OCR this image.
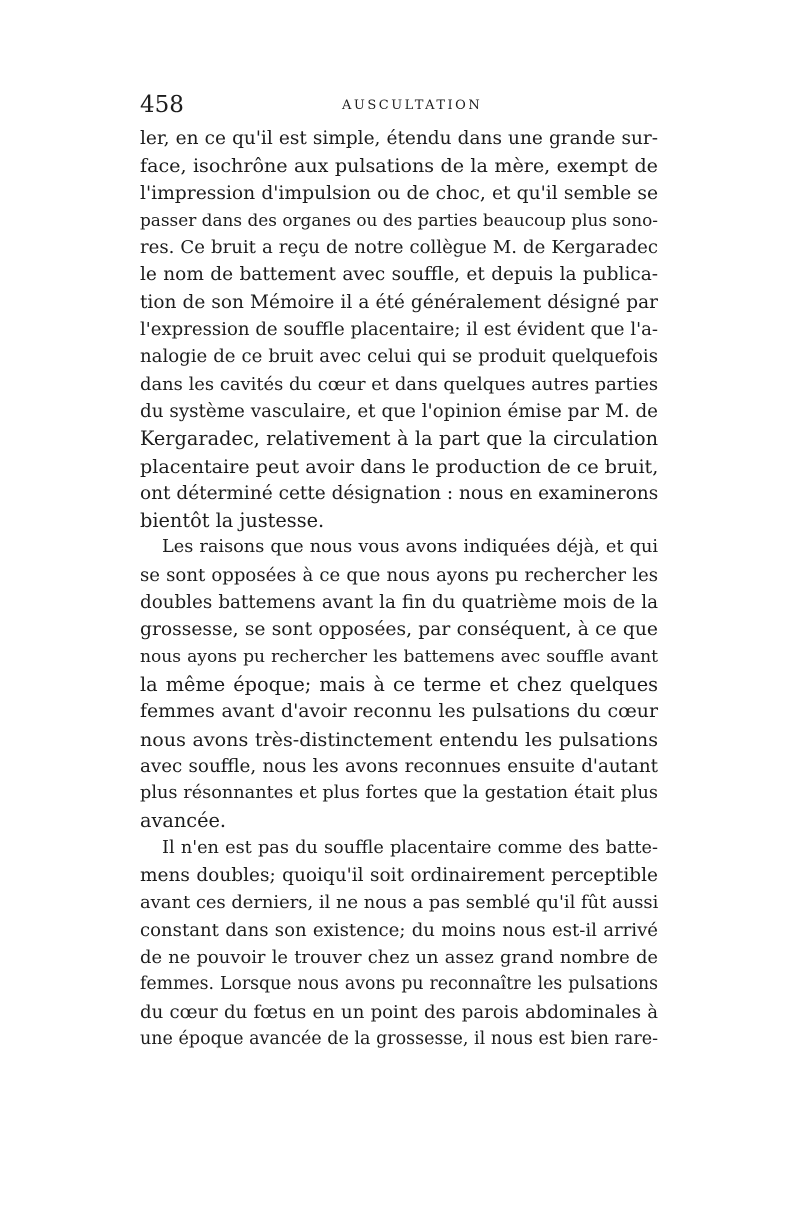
458	AUSCULTATION
ler, en ce qu'il est simple, étendu dans une grande sur-
face, isochrône aux pulsations de la mère, exempt de
l'impression d'impulsion ou de choc, et qu'il semble se
passer dans des organes ou des parties beaucoup plus sono-
res. Ce bruit a reçu de notre collègue M. de Kergaradec
le nom de battement avec souffle, et depuis la publica-
tion de son Mémoire il a été généralement désigné par
l'expression de souffle placentaire; il est évident que l'a-
nalogie de ce bruit avec celui qui se produit quelquefois
dans les cavités du cœur et dans quelques autres parties
du système vasculaire, et que l'opinion émise par M. de
Kergaradec, relativement à la part que la circulation
placentaire peut avoir dans le production de ce bruit,
ont déterminé cette désignation : nous en examinerons
bientôt la justesse.
Les raisons que nous vous avons indiquées déjà, et qui
se sont opposées à ce que nous ayons pu rechercher les
doubles battemens avant la fin du quatrième mois de la
grossesse, se sont opposées, par conséquent, à ce que
nous ayons pu rechercher les battemens avec souffle avant
la même époque; mais à ce terme et chez quelques
femmes avant d'avoir reconnu les pulsations du cœur
nous avons très-distinctement entendu les pulsations
avec souffle, nous les avons reconnues ensuite d'autant
plus résonnantes et plus fortes que la gestation était plus
avancée.
Il n'en est pas du souffle placentaire comme des batte-
mens doubles; quoiqu'il soit ordinairement perceptible
avant ces derniers, il ne nous a pas semblé qu'il fût aussi
constant dans son existence; du moins nous est-il arrivé
de ne pouvoir le trouver chez un assez grand nombre de
femmes. Lorsque nous avons pu reconnaître les pulsations
du cœur du fœtus en un point des parois abdominales à
une époque avancée de la grossesse, il nous est bien rare-
